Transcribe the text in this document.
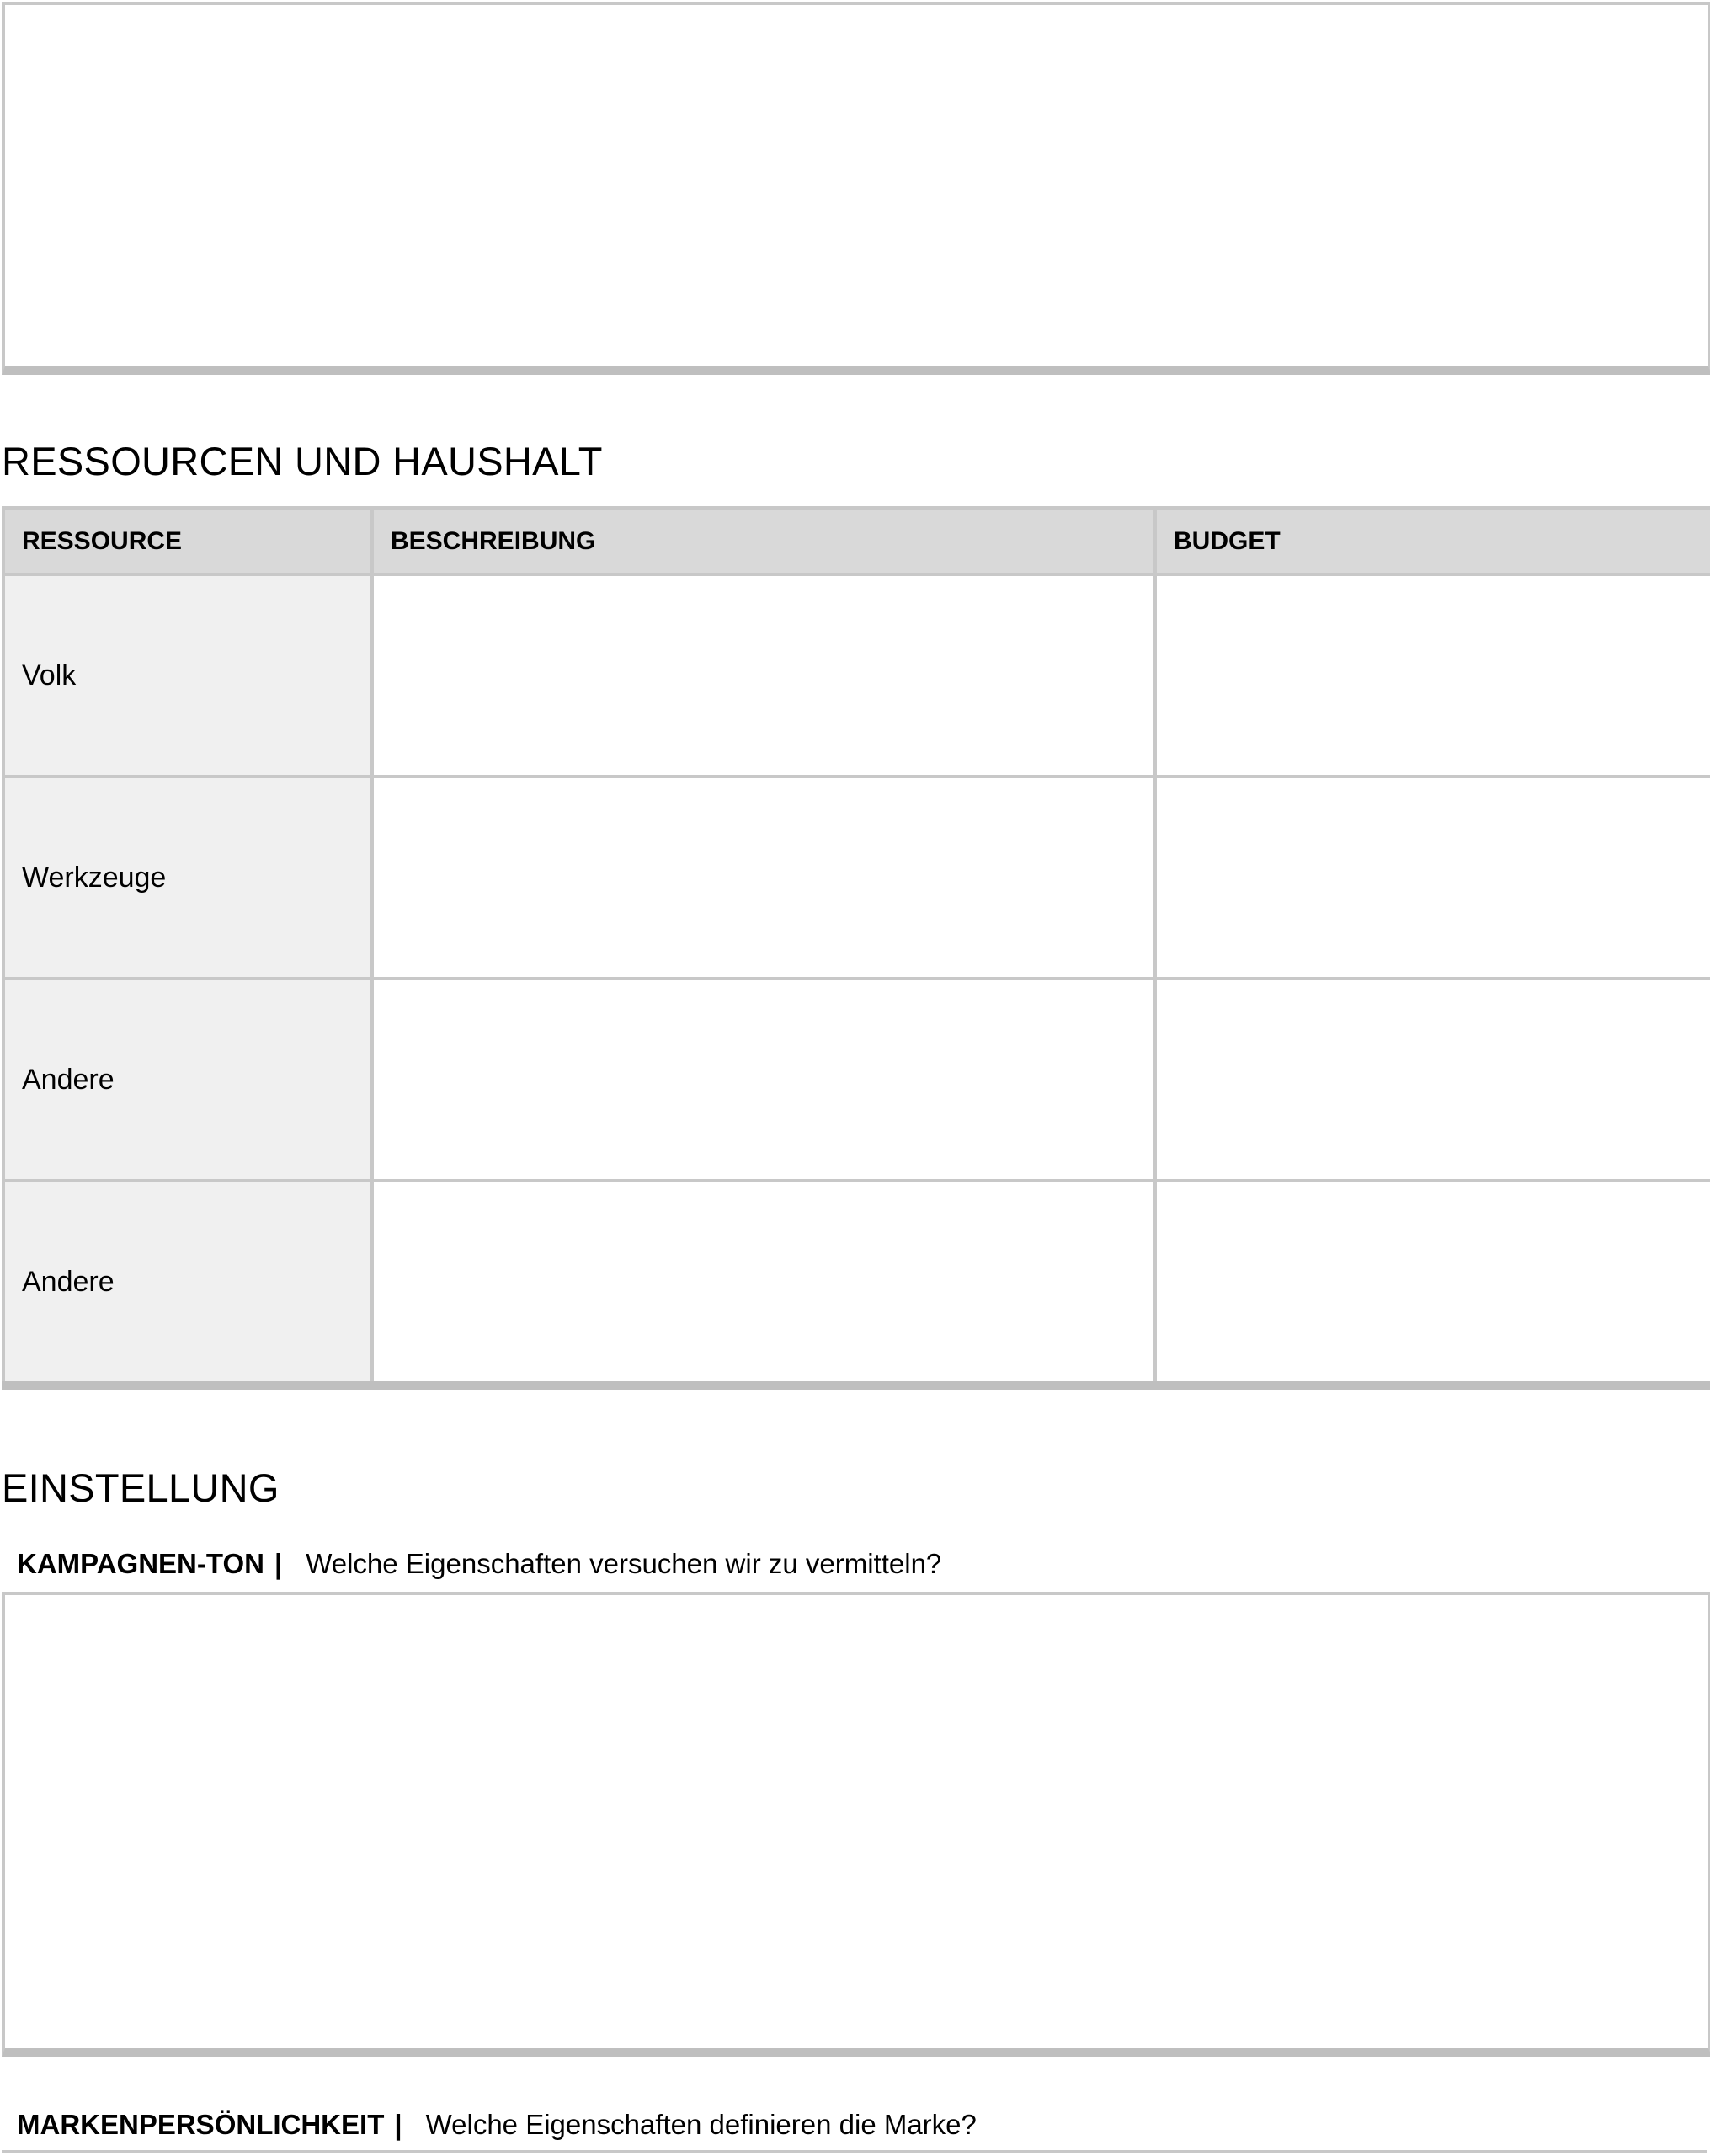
RESSOURCEN UND HAUSHALT
RESSOURCE	BESCHREIBUNG	BUDGET
Volk		
Werkzeuge		
Andere		
Andere		
EINSTELLUNG
KAMPAGNEN-TON | Welche Eigenschaften versuchen wir zu vermitteln?
MARKENPERSÖNLICHKEIT | Welche Eigenschaften definieren die Marke?
